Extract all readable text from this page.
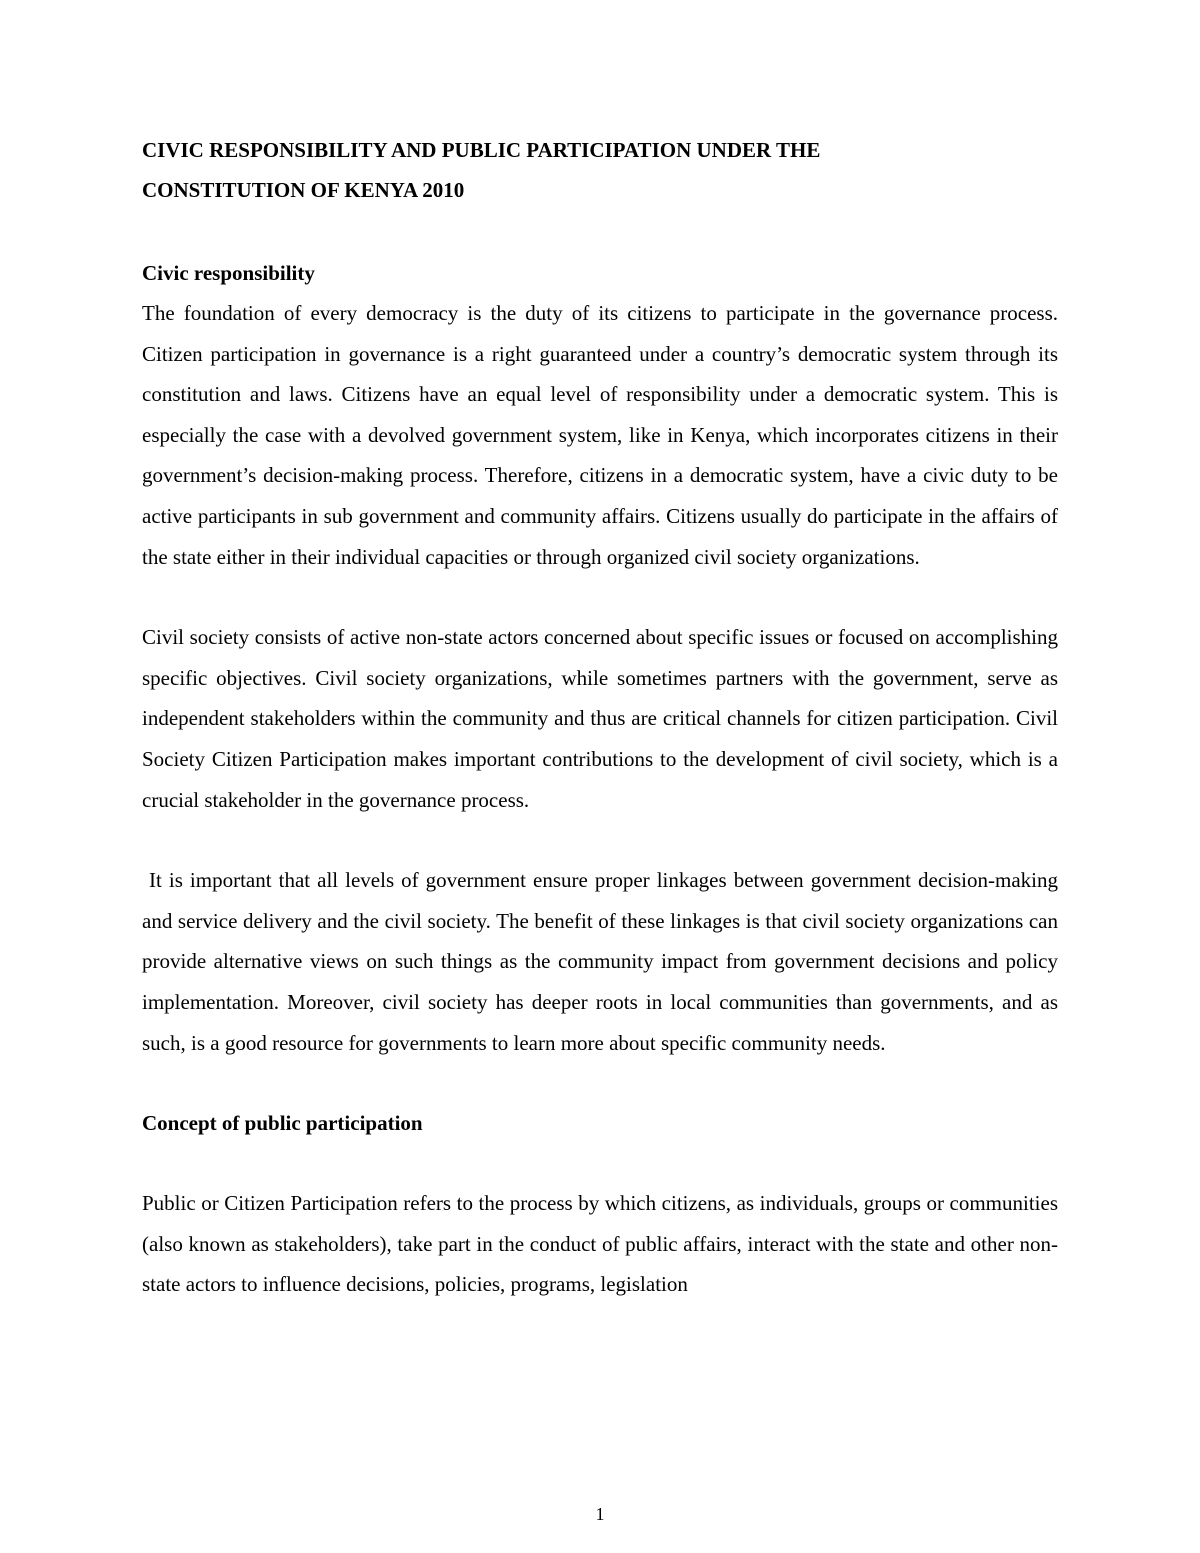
CIVIC RESPONSIBILITY AND PUBLIC PARTICIPATION UNDER THE

CONSTITUTION OF KENYA 2010

Civic responsibility

The foundation of every democracy is the duty of its citizens to participate in the governance process. Citizen participation in governance is a right guaranteed under a country’s democratic system through its constitution and laws. Citizens have an equal level of responsibility under a democratic system. This is especially the case with a devolved government system, like in Kenya, which incorporates citizens in their government’s decision-making process. Therefore, citizens in a democratic system, have a civic duty to be active participants in sub government and community affairs. Citizens usually do participate in the affairs of the state either in their individual capacities or through organized civil society organizations.

Civil society consists of active non-state actors concerned about specific issues or focused on accomplishing specific objectives. Civil society organizations, while sometimes partners with the government, serve as independent stakeholders within the community and thus are critical channels for citizen participation. Civil Society Citizen Participation makes important contributions to the development of civil society, which is a crucial stakeholder in the governance process.

It is important that all levels of government ensure proper linkages between government decision-making and service delivery and the civil society. The benefit of these linkages is that civil society organizations can provide alternative views on such things as the community impact from government decisions and policy implementation. Moreover, civil society has deeper roots in local communities than governments, and as such, is a good resource for governments to learn more about specific community needs.

Concept of public participation

Public or Citizen Participation refers to the process by which citizens, as individuals, groups or communities (also known as stakeholders), take part in the conduct of public affairs, interact with the state and other non-state actors to influence decisions, policies, programs, legislation

1
